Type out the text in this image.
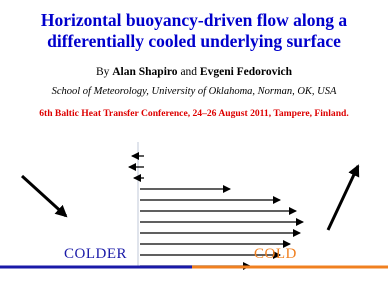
Horizontal buoyancy-driven flow along a
differentially cooled underlying surface
By Alan Shapiro and Evgeni Fedorovich
School of Meteorology, University of Oklahoma, Norman, OK, USA
6th Baltic Heat Transfer Conference, 24–26 August 2011, Tampere, Finland.
COLDER	COLD
